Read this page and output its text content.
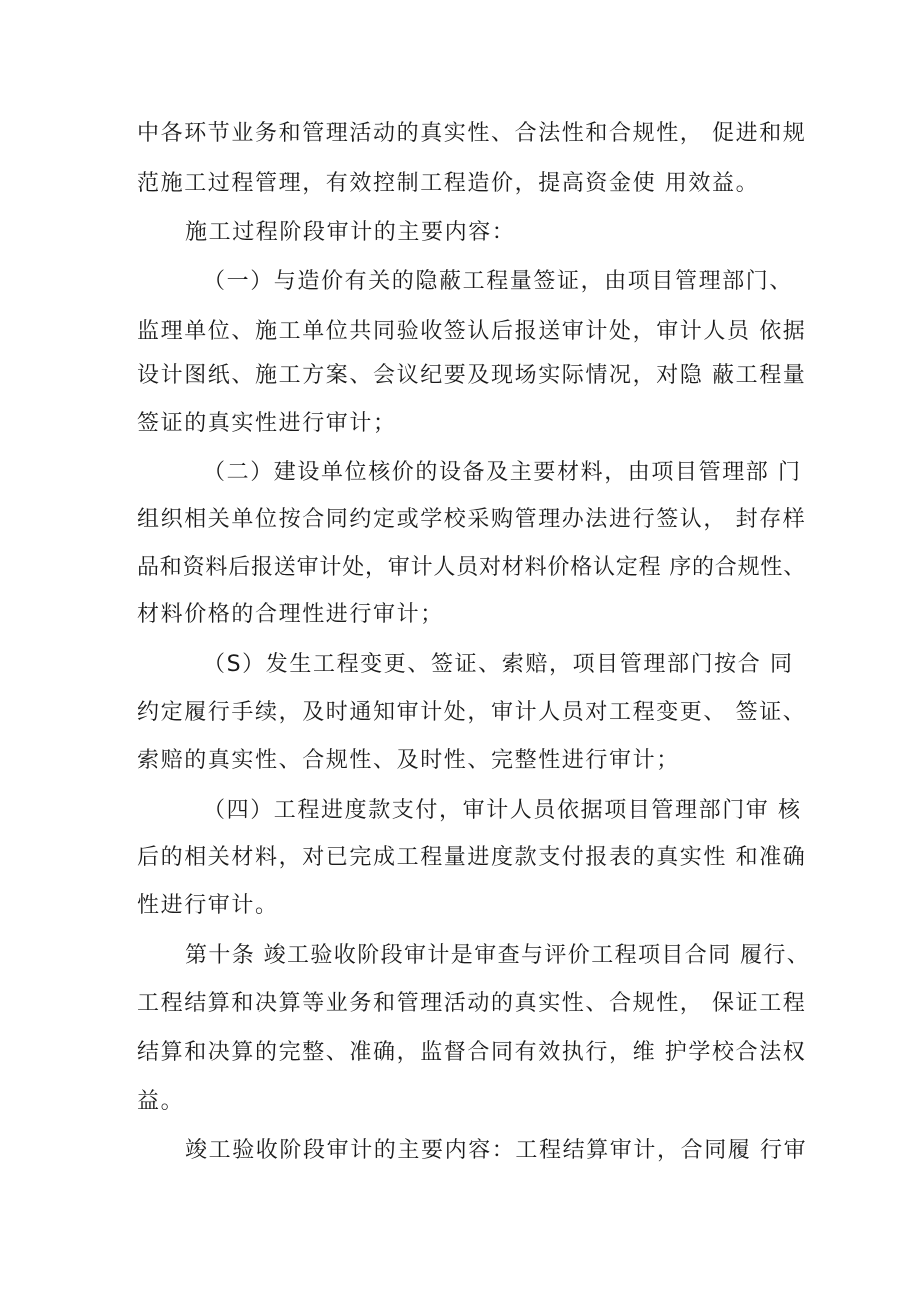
中各环节业务和管理活动的真实性、合法性和合规性， 促进和规
范施工过程管理，有效控制工程造价，提高资金使 用效益。
施工过程阶段审计的主要内容：
（一）与造价有关的隐蔽工程量签证，由项目管理部门、
监理单位、施工单位共同验收签认后报送审计处，审计人员 依据
设计图纸、施工方案、会议纪要及现场实际情况，对隐 蔽工程量
签证的真实性进行审计；
（二）建设单位核价的设备及主要材料，由项目管理部 门
组织相关单位按合同约定或学校采购管理办法进行签认， 封存样
品和资料后报送审计处，审计人员对材料价格认定程 序的合规性、
材料价格的合理性进行审计；
（S）发生工程变更、签证、索赔，项目管理部门按合 同
约定履行手续，及时通知审计处，审计人员对工程变更、 签证、
索赔的真实性、合规性、及时性、完整性进行审计；
（四）工程进度款支付，审计人员依据项目管理部门审 核
后的相关材料，对已完成工程量进度款支付报表的真实性 和准确
性进行审计。
第十条 竣工验收阶段审计是审查与评价工程项目合同 履行、
工程结算和决算等业务和管理活动的真实性、合规性， 保证工程
结算和决算的完整、准确，监督合同有效执行，维 护学校合法权
益。
竣工验收阶段审计的主要内容：工程结算审计，合同履 行审
